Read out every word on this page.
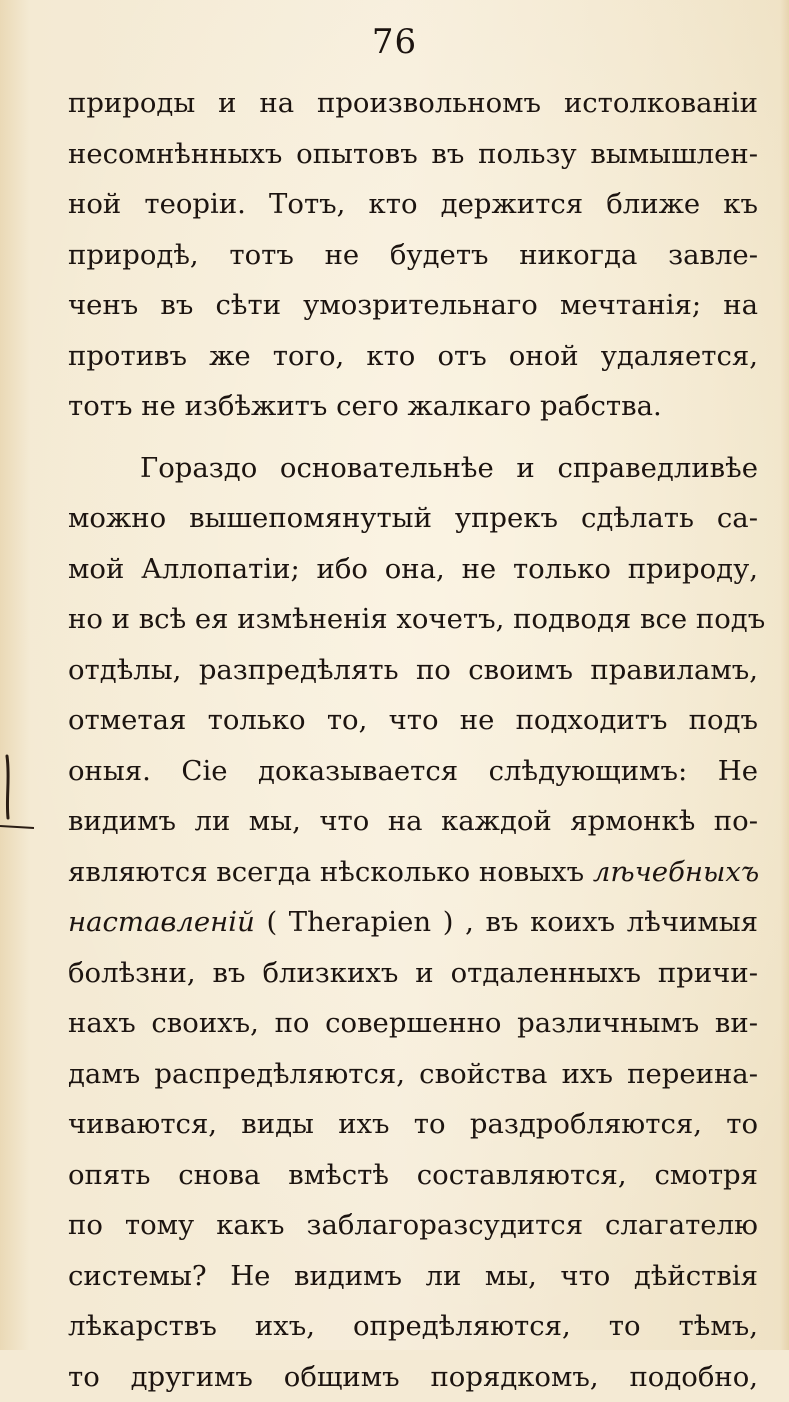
76
природы и на произвольномъ истолкованіи
несомнѣнныхъ опытовъ въ пользу вымышлен-
ной теоріи. Тотъ, кто держится ближе къ
природѣ, тотъ не будетъ никогда завле-
ченъ въ сѣти умозрительнаго мечтанія; на
противъ же того, кто отъ оной удаляется,
тотъ не избѣжитъ сего жалкаго рабства.
Гораздо основательнѣе и справедливѣе
можно вышепомянутый упрекъ сдѣлать са-
мой Аллопатіи; ибо она, не только природу,
но и всѣ ея измѣненія хочетъ, подводя все подъ
отдѣлы, разпредѣлять по своимъ правиламъ,
отметая только то, что не подходитъ подъ
оныя. Сіе доказывается слѣдующимъ: Не
видимъ ли мы, что на каждой ярмонкѣ по-
являются всегда нѣсколько новыхъ лѣчебныхъ
наставленій ( Therapien ) , въ коихъ лѣчимыя
болѣзни, въ близкихъ и отдаленныхъ причи-
нахъ своихъ, по совершенно различнымъ ви-
дамъ распредѣляются, свойства ихъ переина-
чиваются, виды ихъ то раздробляются, то
опять снова вмѣстѣ составляются, смотря
по тому какъ заблагоразсудится слагателю
системы? Не видимъ ли мы, что дѣйствія
лѣкарствъ ихъ, опредѣляются, то тѣмъ,
то другимъ общимъ порядкомъ, подобно,
